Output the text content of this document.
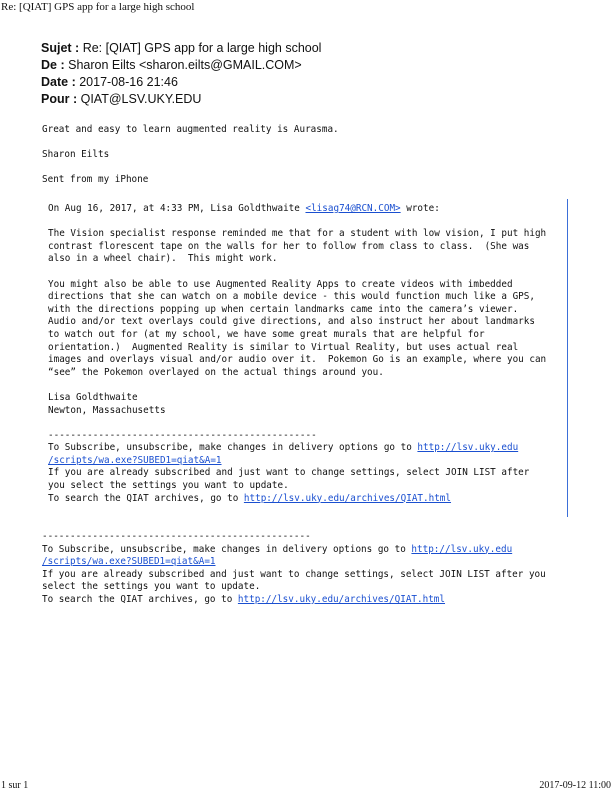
Re: [QIAT] GPS app for a large high school
Sujet : Re: [QIAT] GPS app for a large high school
De : Sharon Eilts <sharon.eilts@GMAIL.COM>
Date : 2017-08-16 21:46
Pour : QIAT@LSV.UKY.EDU
Great and easy to learn augmented reality is Aurasma.

Sharon Eilts

Sent from my iPhone
On Aug 16, 2017, at 4:33 PM, Lisa Goldthwaite <lisag74@RCN.COM> wrote:

The Vision specialist response reminded me that for a student with low vision, I put high
contrast florescent tape on the walls for her to follow from class to class.  (She was
also in a wheel chair).  This might work.

You might also be able to use Augmented Reality Apps to create videos with imbedded
directions that she can watch on a mobile device - this would function much like a GPS,
with the directions popping up when certain landmarks came into the camera’s viewer.
Audio and/or text overlays could give directions, and also instruct her about landmarks
to watch out for (at my school, we have some great murals that are helpful for
orientation.)  Augmented Reality is similar to Virtual Reality, but uses actual real
images and overlays visual and/or audio over it.  Pokemon Go is an example, where you can
“see” the Pokemon overlayed on the actual things around you.

Lisa Goldthwaite
Newton, Massachusetts

------------------------------------------------
To Subscribe, unsubscribe, make changes in delivery options go to http://lsv.uky.edu
/scripts/wa.exe?SUBED1=qiat&A=1
If you are already subscribed and just want to change settings, select JOIN LIST after
you select the settings you want to update.
To search the QIAT archives, go to http://lsv.uky.edu/archives/QIAT.html
------------------------------------------------
To Subscribe, unsubscribe, make changes in delivery options go to http://lsv.uky.edu
/scripts/wa.exe?SUBED1=qiat&A=1
If you are already subscribed and just want to change settings, select JOIN LIST after you
select the settings you want to update.
To search the QIAT archives, go to http://lsv.uky.edu/archives/QIAT.html
1 sur 1	2017-09-12 11:00
